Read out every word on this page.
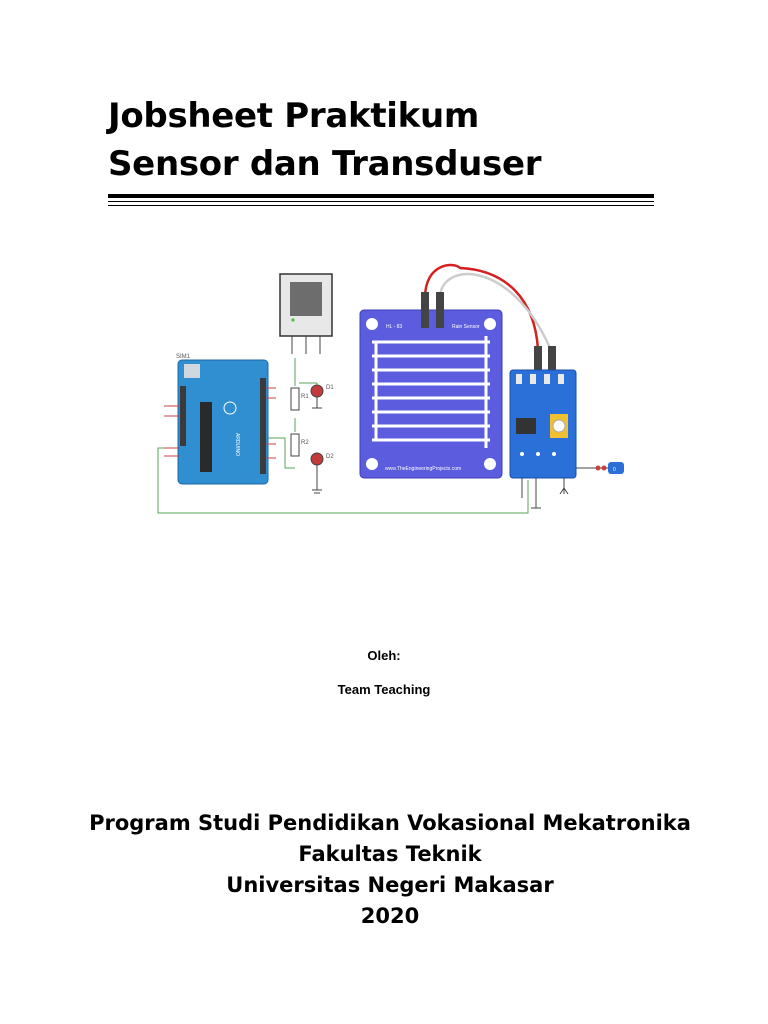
Jobsheet Praktikum
Sensor dan Transduser
SIM1
ARDUINO
R1
D1
R2
D2
HL - 83	Rain Sensor
www.TheEngineeringProjects.com	0
Oleh:
Team Teaching
Program Studi Pendidikan Vokasional Mekatronika
Fakultas Teknik
Universitas Negeri Makasar
2020
